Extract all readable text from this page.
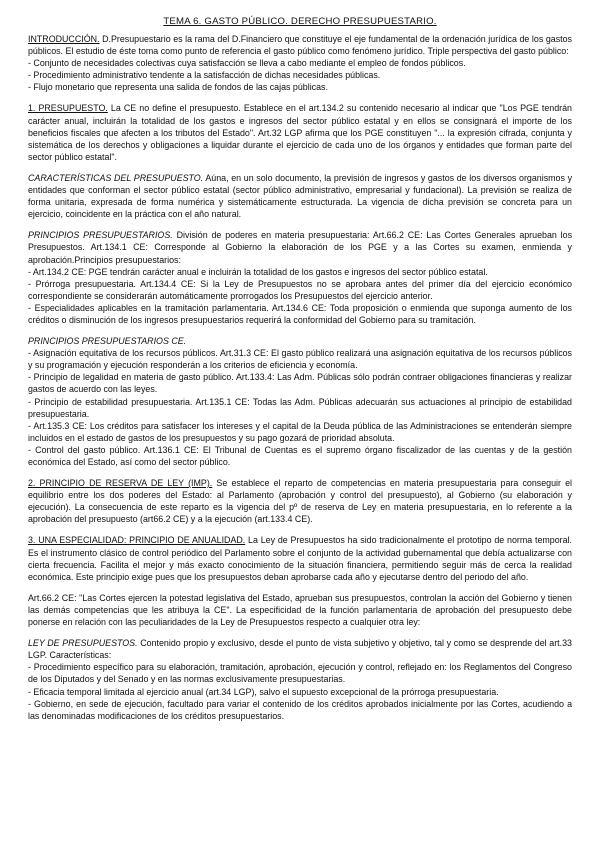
TEMA 6. GASTO PÚBLICO. DERECHO PRESUPUESTARIO.

INTRODUCCIÓN. D.Presupuestario es la rama del D.Financiero que constituye el eje fundamental de la ordenación jurídica de los gastos públicos. El estudio de éste toma como punto de referencia el gasto público como fenómeno jurídico. Triple perspectiva del gasto público:

- Conjunto de necesidades colectivas cuya satisfacción se lleva a cabo mediante el empleo de fondos públicos.

- Procedimiento administrativo tendente a la satisfacción de dichas necesidades públicas.

- Flujo monetario que representa una salida de fondos de las cajas públicas.

1. PRESUPUESTO. La CE no define el presupuesto. Establece en el art.134.2 su contenido necesario al indicar que "Los PGE tendrán carácter anual, incluirán la totalidad de los gastos e ingresos del sector público estatal y en ellos se consignará el importe de los beneficios fiscales que afecten a los tributos del Estado". Art.32 LGP afirma que los PGE constituyen "... la expresión cifrada, conjunta y sistemática de los derechos y obligaciones a liquidar durante el ejercicio de cada uno de los órganos y entidades que forman parte del sector público estatal".

CARACTERÍSTICAS DEL PRESUPUESTO. Aúna, en un solo documento, la previsión de ingresos y gastos de los diversos organismos y entidades que conforman el sector público estatal (sector público administrativo, empresarial y fundacional). La previsión se realiza de forma unitaria, expresada de forma numérica y sistemáticamente estructurada. La vigencia de dicha previsión se concreta para un ejercicio, coincidente en la práctica con el año natural.

PRINCIPIOS PRESUPUESTARIOS. División de poderes en materia presupuestaria: Art.66.2 CE: Las Cortes Generales aprueban los Presupuestos. Art.134.1 CE: Corresponde al Gobierno la elaboración de los PGE y a las Cortes su examen, enmienda y aprobación.Principios presupuestarios:

- Art.134.2 CE: PGE tendrán carácter anual e incluirán la totalidad de los gastos e ingresos del sector público estatal.

- Prórroga presupuestaria. Art.134.4 CE: Si la Ley de Presupuestos no se aprobara antes del primer día del ejercicio económico correspondiente se considerarán automáticamente prorrogados los Presupuestos del ejercicio anterior.

- Especialidades aplicables en la tramitación parlamentaria. Art.134.6 CE: Toda proposición o enmienda que suponga aumento de los créditos o disminución de los ingresos presupuestarios requerirá la conformidad del Gobierno para su tramitación.

PRINCIPIOS PRESUPUESTARIOS CE.

- Asignación equitativa de los recursos públicos. Art.31.3 CE: El gasto público realizará una asignación equitativa de los recursos públicos y su programación y ejecución responderán a los criterios de eficiencia y economía.

- Principio de legalidad en materia de gasto público. Art.133.4: Las Adm. Públicas sólo podrán contraer obligaciones financieras y realizar gastos de acuerdo con las leyes.

- Principio de estabilidad presupuestaria. Art.135.1 CE: Todas las Adm. Públicas adecuarán sus actuaciones al principio de estabilidad presupuestaria.

- Art.135.3 CE: Los créditos para satisfacer los intereses y el capital de la Deuda pública de las Administraciones se entenderán siempre incluidos en el estado de gastos de los presupuestos y su pago gozará de prioridad absoluta.

- Control del gasto público. Art.136.1 CE: El Tribunal de Cuentas es el supremo órgano fiscalizador de las cuentas y de la gestión económica del Estado, así como del sector público.

2. PRINCIPIO DE RESERVA DE LEY (IMP). Se establece el reparto de competencias en materia presupuestaria para conseguir el equilibrio entre los dos poderes del Estado: al Parlamento (aprobación y control del presupuesto), al Gobierno (su elaboración y ejecución). La consecuencia de este reparto es la vigencia del pº de reserva de Ley en materia presupuestaria, en lo referente a la aprobación del presupuesto (art66.2 CE) y a la ejecución (art.133.4 CE).

3. UNA ESPECIALIDAD: PRINCIPIO DE ANUALIDAD. La Ley de Presupuestos ha sido tradicionalmente el prototipo de norma temporal. Es el instrumento clásico de control periódico del Parlamento sobre el conjunto de la actividad gubernamental que debía actualizarse con cierta frecuencia. Facilita el mejor y más exacto conocimiento de la situación financiera, permitiendo seguir más de cerca la realidad económica. Este principio exige pues que los presupuestos deban aprobarse cada año y ejecutarse dentro del periodo del año.

Art.66.2 CE: "Las Cortes ejercen la potestad legislativa del Estado, aprueban sus presupuestos, controlan la acción del Gobierno y tienen las demás competencias que les atribuya la CE". La especificidad de la función parlamentaria de aprobación del presupuesto debe ponerse en relación con las peculiaridades de la Ley de Presupuestos respecto a cualquier otra ley:

LEY DE PRESUPUESTOS. Contenido propio y exclusivo, desde el punto de vista subjetivo y objetivo, tal y como se desprende del art.33 LGP. Características:

- Procedimiento específico para su elaboración, tramitación, aprobación, ejecución y control, reflejado en: los Reglamentos del Congreso de los Diputados y del Senado y en las normas exclusivamente presupuestarias.

- Eficacia temporal limitada al ejercicio anual (art.34 LGP), salvo el supuesto excepcional de la prórroga presupuestaria.

- Gobierno, en sede de ejecución, facultado para variar el contenido de los créditos aprobados inicialmente por las Cortes, acudiendo a las denominadas modificaciones de los créditos presupuestarios.
